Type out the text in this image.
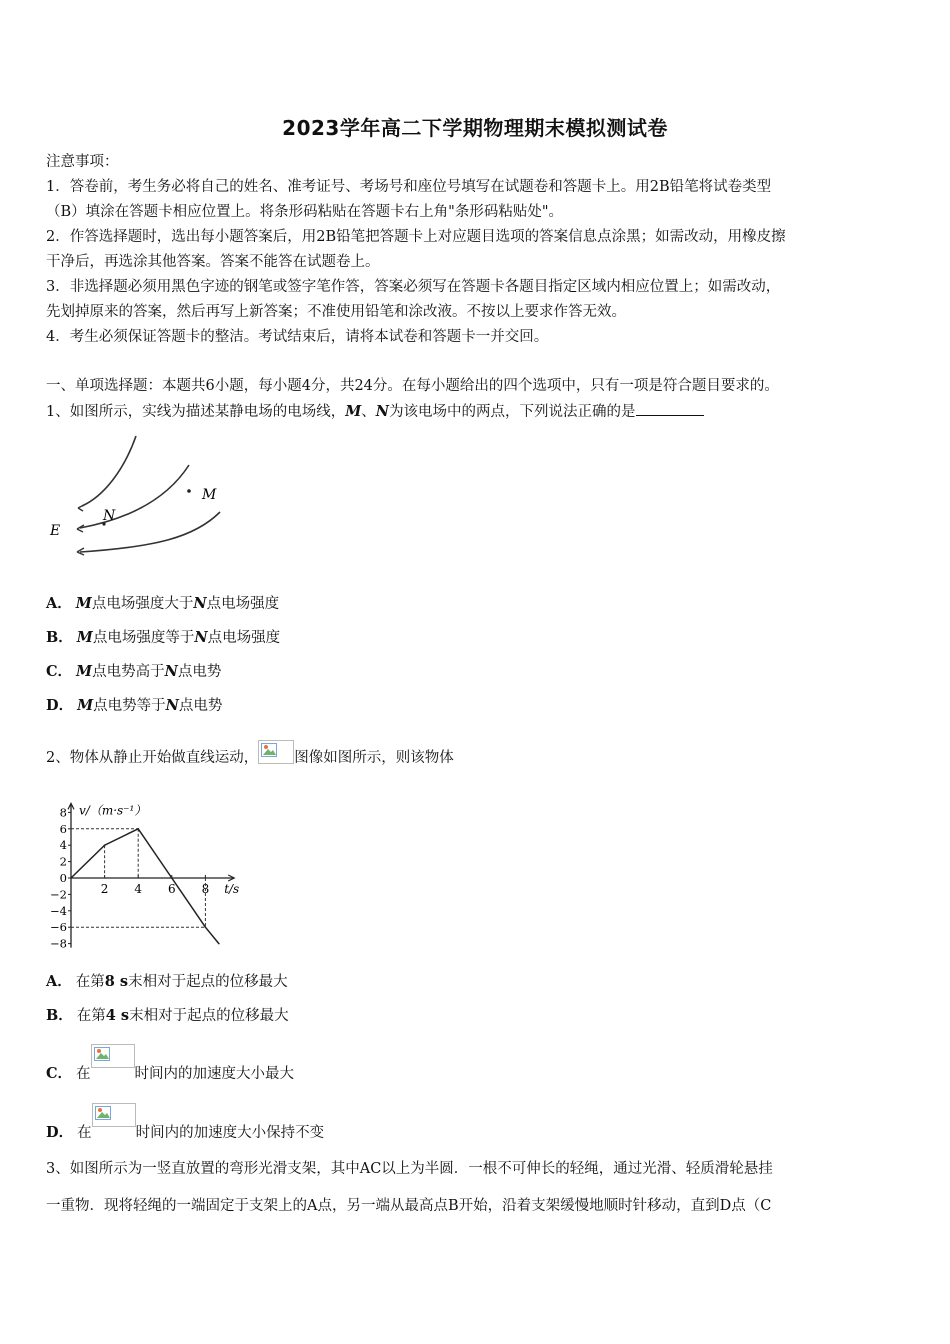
2023学年高二下学期物理期末模拟测试卷
注意事项：
1．答卷前，考生务必将自己的姓名、准考证号、考场号和座位号填写在试题卷和答题卡上。用2B铅笔将试卷类型
（B）填涂在答题卡相应位置上。将条形码粘贴在答题卡右上角"条形码粘贴处"。
2．作答选择题时，选出每小题答案后，用2B铅笔把答题卡上对应题目选项的答案信息点涂黑；如需改动，用橡皮擦
干净后，再选涂其他答案。答案不能答在试题卷上。
3．非选择题必须用黑色字迹的钢笔或签字笔作答，答案必须写在答题卡各题目指定区域内相应位置上；如需改动，
先划掉原来的答案，然后再写上新答案；不准使用铅笔和涂改液。不按以上要求作答无效。
4．考生必须保证答题卡的整洁。考试结束后，请将本试卷和答题卡一并交回。
一、单项选择题：本题共6小题，每小题4分，共24分。在每小题给出的四个选项中，只有一项是符合题目要求的。
1、如图所示，实线为描述某静电场的电场线，M、N为该电场中的两点，下列说法正确的是
M
N
E
A． M点电场强度大于N点电场强度
B． M点电场强度等于N点电场强度
C． M点电势高于N点电势
D． M点电势等于N点电势
2、物体从静止开始做直线运动， 图像如图所示，则该物体
v/（m·s⁻¹）
t/s
8
6
4
2
0
−2
−4
−6
−8
2 4 6 8
A． 在第8 s末相对于起点的位移最大
B． 在第4 s末相对于起点的位移最大
C． 在	时间内的加速度大小最大
D． 在	时间内的加速度大小保持不变
3、如图所示为一竖直放置的弯形光滑支架，其中AC以上为半圆．一根不可伸长的轻绳，通过光滑、轻质滑轮悬挂
一重物．现将轻绳的一端固定于支架上的A点，另一端从最高点B开始，沿着支架缓慢地顺时针移动，直到D点（C
